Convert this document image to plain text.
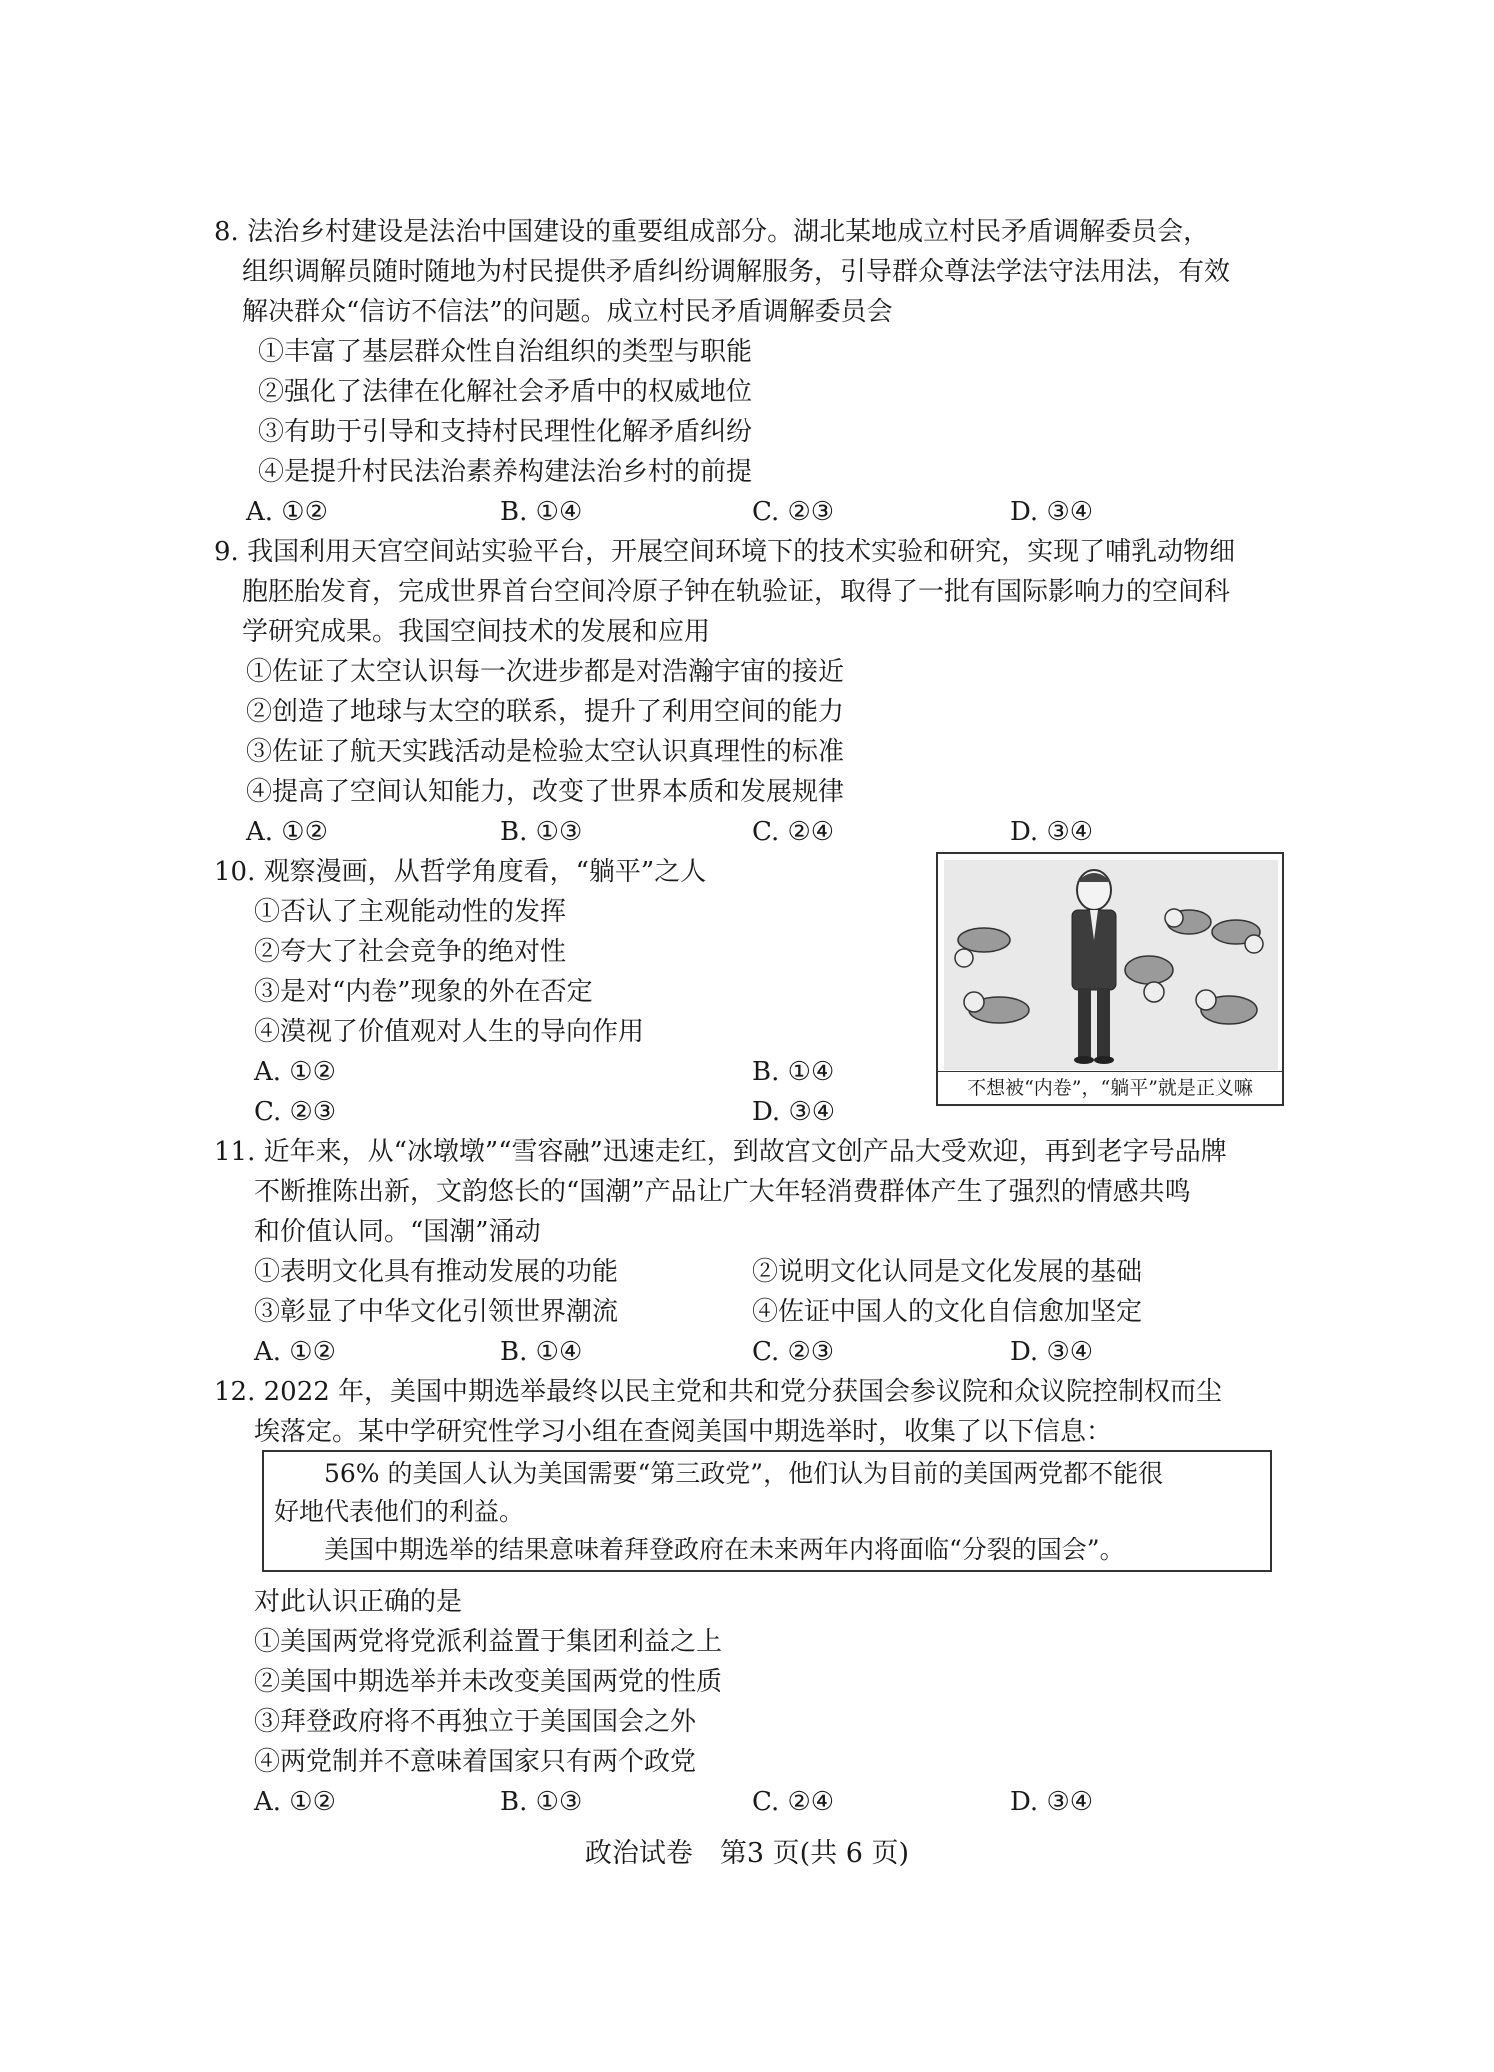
8. 法治乡村建设是法治中国建设的重要组成部分。湖北某地成立村民矛盾调解委员会，
组织调解员随时随地为村民提供矛盾纠纷调解服务，引导群众尊法学法守法用法，有效
解决群众“信访不信法”的问题。成立村民矛盾调解委员会
①丰富了基层群众性自治组织的类型与职能
②强化了法律在化解社会矛盾中的权威地位
③有助于引导和支持村民理性化解矛盾纠纷
④是提升村民法治素养构建法治乡村的前提
A. ①②	B. ①④	C. ②③	D. ③④
9. 我国利用天宫空间站实验平台，开展空间环境下的技术实验和研究，实现了哺乳动物细
胞胚胎发育，完成世界首台空间冷原子钟在轨验证，取得了一批有国际影响力的空间科
学研究成果。我国空间技术的发展和应用
①佐证了太空认识每一次进步都是对浩瀚宇宙的接近
②创造了地球与太空的联系，提升了利用空间的能力
③佐证了航天实践活动是检验太空认识真理性的标准
④提高了空间认知能力，改变了世界本质和发展规律
A. ①②	B. ①③	C. ②④	D. ③④
10. 观察漫画，从哲学角度看，“躺平”之人
①否认了主观能动性的发挥
②夸大了社会竞争的绝对性
③是对“内卷”现象的外在否定
④漠视了价值观对人生的导向作用
A. ①②	B. ①④
C. ②③	D. ③④
不想被“内卷”，“躺平”就是正义嘛
11. 近年来，从“冰墩墩”“雪容融”迅速走红，到故宫文创产品大受欢迎，再到老字号品牌
不断推陈出新，文韵悠长的“国潮”产品让广大年轻消费群体产生了强烈的情感共鸣
和价值认同。“国潮”涌动
①表明文化具有推动发展的功能	②说明文化认同是文化发展的基础
③彰显了中华文化引领世界潮流	④佐证中国人的文化自信愈加坚定
A. ①②	B. ①④	C. ②③	D. ③④
12. 2022 年，美国中期选举最终以民主党和共和党分获国会参议院和众议院控制权而尘
埃落定。某中学研究性学习小组在查阅美国中期选举时，收集了以下信息：
56% 的美国人认为美国需要“第三政党”，他们认为目前的美国两党都不能很
好地代表他们的利益。
美国中期选举的结果意味着拜登政府在未来两年内将面临“分裂的国会”。
对此认识正确的是
①美国两党将党派利益置于集团利益之上
②美国中期选举并未改变美国两党的性质
③拜登政府将不再独立于美国国会之外
④两党制并不意味着国家只有两个政党
A. ①②	B. ①③	C. ②④	D. ③④
政治试卷　第3 页(共 6 页)
